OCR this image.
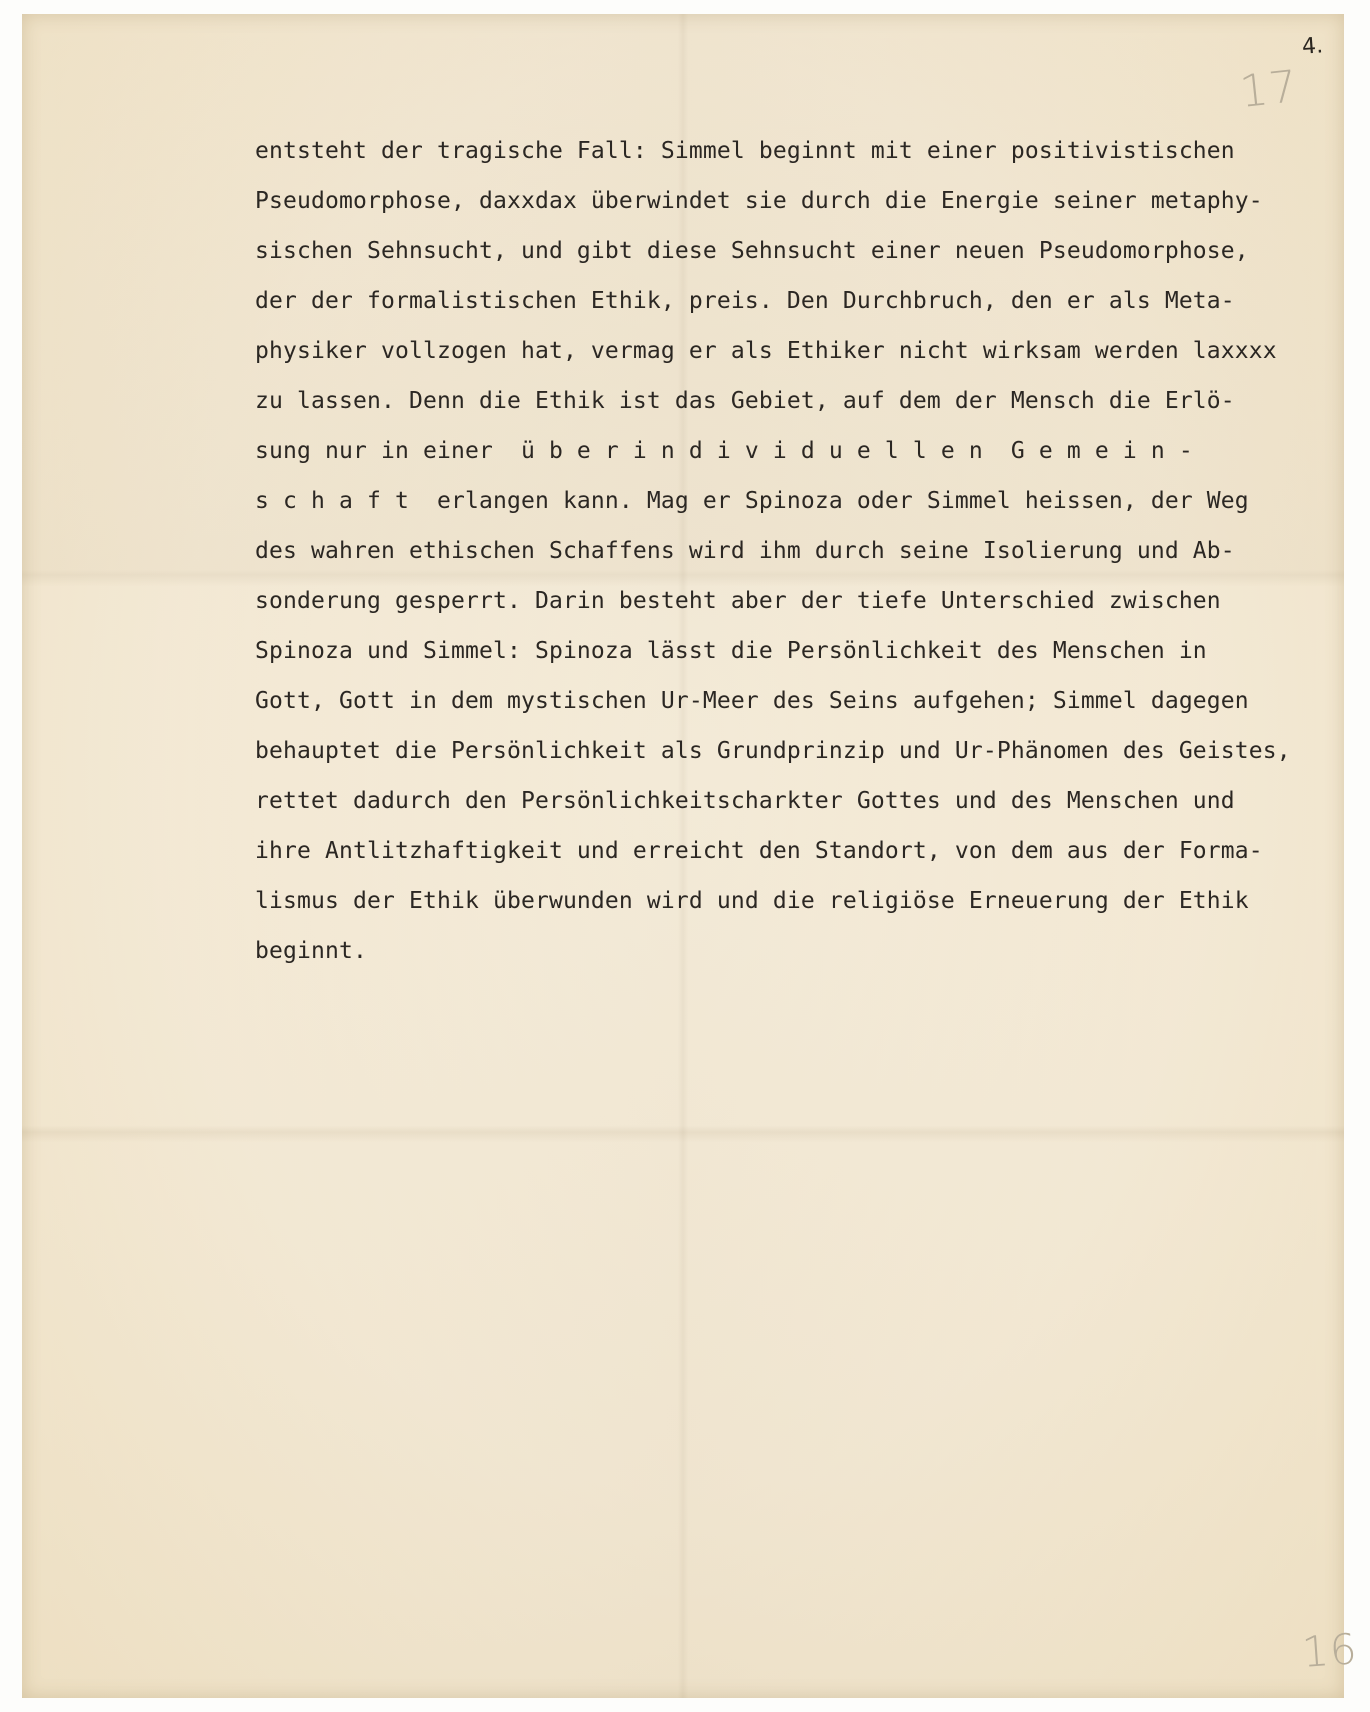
4.
17
entsteht der tragische Fall: Simmel beginnt mit einer positivistischen
Pseudomorphose, daxxdax überwindet sie durch die Energie seiner metaphy-
sischen Sehnsucht, und gibt diese Sehnsucht einer neuen Pseudomorphose,
der der formalistischen Ethik, preis. Den Durchbruch, den er als Meta-
physiker vollzogen hat, vermag er als Ethiker nicht wirksam werden laxxxx
zu lassen. Denn die Ethik ist das Gebiet, auf dem der Mensch die Erlö-
sung nur in einer  ü b e r i n d i v i d u e l l e n  G e m e i n -
s c h a f t  erlangen kann. Mag er Spinoza oder Simmel heissen, der Weg
des wahren ethischen Schaffens wird ihm durch seine Isolierung und Ab-
sonderung gesperrt. Darin besteht aber der tiefe Unterschied zwischen
Spinoza und Simmel: Spinoza lässt die Persönlichkeit des Menschen in
Gott, Gott in dem mystischen Ur-Meer des Seins aufgehen; Simmel dagegen
behauptet die Persönlichkeit als Grundprinzip und Ur-Phänomen des Geistes,
rettet dadurch den Persönlichkeitscharkter Gottes und des Menschen und
ihre Antlitzhaftigkeit und erreicht den Standort, von dem aus der Forma-
lismus der Ethik überwunden wird und die religiöse Erneuerung der Ethik
beginnt.
16
